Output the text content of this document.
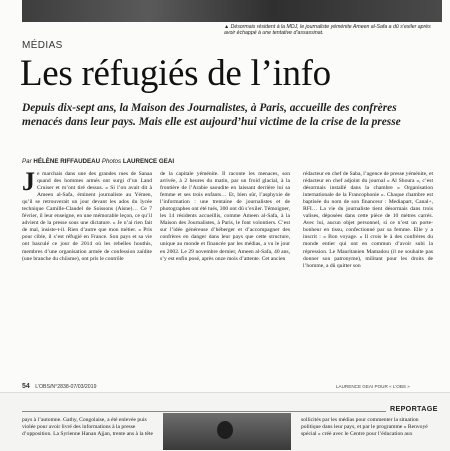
▲ Désormais résident à la MDJ, le journaliste yéménite Ameen al-Safa a dû s’exiler après avoir échappé à une tentative d’assassinat.
MÉDIAS
Les réfugiés de l’info
Depuis dix-sept ans, la Maison des Journalistes, à Paris, accueille des confrères menacés dans leur pays. Mais elle est aujourd’hui victime de la crise de la presse
Par HÉLÈNE RIFFAUDEAU Photos LAURENCE GEAI
J e marchais dans une des grandes rues de Sanaa quand des hommes armés ont surgi d’un Land Cruiser et m’ont tiré dessus. » Si l’on avait dit à Ameen al-Safa, éminent journaliste au Yémen, qu’il se retrouverait un jour devant les ados du lycée technique Camille-Claudel de Soissons (Aisne)… Ce 7 février, il leur enseigne, en une mémorable leçon, ce qu’il advient de la presse sous une dictature. « Je n’ai rien fait de mal, insiste-t-il. Rien d’autre que mon métier. » Pris pour cible, il s’est réfugié en France. Son pays et sa vie ont basculé ce jour de 2014 où les rebelles houthis, membres d’une organisation armée de confession zaïdite (une branche du chiisme), ont pris le contrôle
de la capitale yéménite. Il raconte les menaces, son arrivée, à 2 heures du matin, par un froid glacial, à la frontière de l’Arabie saoudite en laissant derrière lui sa femme et ses trois enfants… Et, bien sûr, l’asphyxie de l’information : une trentaine de journalistes et de photographes ont été tués, 300 ont dû s’exiler. Témoigner, les 14 résidents accueillis, comme Ameen al-Safa, à la Maison des Journalistes, à Paris, le font volontiers. C’est sur l’idée généreuse d’héberger et d’accompagner des confrères en danger dans leur pays que cette structure, unique au monde et financée par les médias, a vu le jour en 2002. Le 29 novembre dernier, Ameen al-Safa, 40 ans, s’y est enfin posé, après onze mois d’attente. Cet ancien
rédacteur en chef de Saba, l’agence de presse yéménite, et rédacteur en chef adjoint du journal « Al Shoura », c’est désormais installé dans la chambre « Organisation internationale de la Francophonie ». Chaque chambre est baptisée du nom de son financeur : Mediapart, Canal+, RFI… La vie du journaliste tient désormais dans trois valises, déposées dans cette pièce de 10 mètres carrés. Avec lui, aucun objet personnel, si ce n’est un porte-bonheur en tissu, confectionné par sa femme. Elle y a inscrit : « Bon voyage. » Il crois le à des confrères du monde entier qui ont en commun d’avoir subi la répression. Le Mauritanien Mamadou (il ne souhaite pas donner son patronyme), militant pour les droits de l’homme, a dû quitter son
54 L’OBS/N°2838-07/03/2019	LAURENCE GEAI POUR « L’OBS »
REPORTAGE
pays à l’automne. Gathy, Congolaise, a été enlevée puis violée pour avoir livré des informations à la presse d’opposition. La Syrienne Hanan Ajjan, trente ans à la tête
sollicités par les médias pour commenter la situation politique dans leur pays, et par le programme « Renvoyé spécial » créé avec le Centre pour l’éducation aux
